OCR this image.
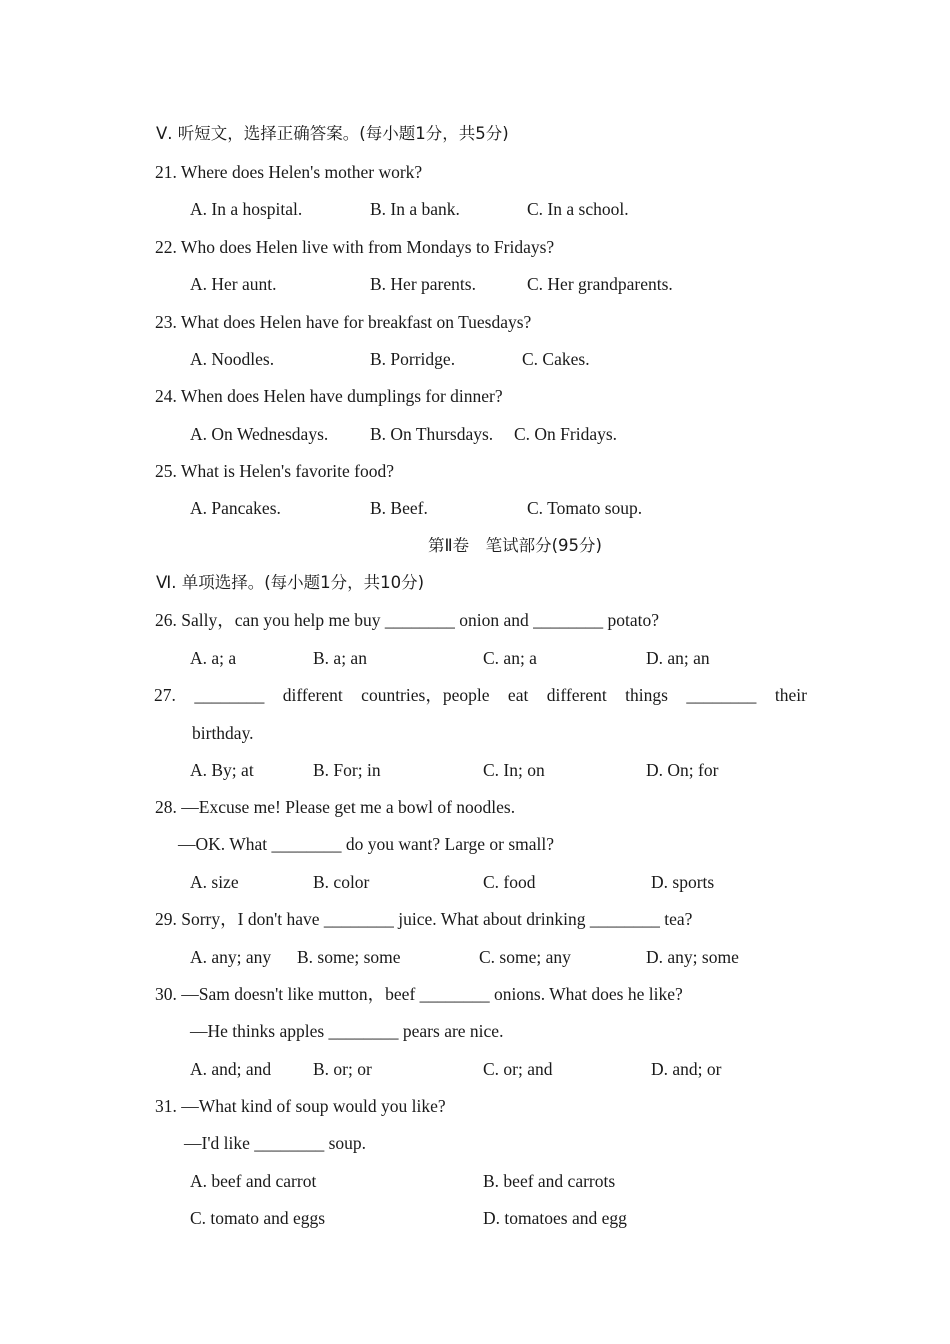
Ⅴ. 听短文，选择正确答案。(每小题1分，共5分)
21. Where does Helen's mother work?
A. In a hospital.	B. In a bank.	C. In a school.
22. Who does Helen live with from Mondays to Fridays?
A. Her aunt.	B. Her parents.	C. Her grandparents.
23. What does Helen have for breakfast on Tuesdays?
A. Noodles.	B. Porridge.	C. Cakes.
24. When does Helen have dumplings for dinner?
A. On Wednesdays. B. On Thursdays. C. On Fridays.
25. What is Helen's favorite food?
A. Pancakes.	B. Beef.	C. Tomato soup.
第Ⅱ卷　笔试部分(95分)
Ⅵ. 单项选择。(每小题1分，共10分)
26. Sally，can you help me buy ________ onion and ________ potato?
A. a; a	B. a; an	C. an; a	D. an; an
27. ________ different countries，people eat different things ________ their
birthday.
A. By; at	B. For; in	C. In; on	D. On; for
28. —Excuse me! Please get me a bowl of noodles.
—OK. What ________ do you want? Large or small?
A. size	B. color	C. food	D. sports
29. Sorry，I don't have ________ juice. What about drinking ________ tea?
A. any; any B. some; some	C. some; any	D. any; some
30. —Sam doesn't like mutton，beef ________ onions. What does he like?
—He thinks apples ________ pears are nice.
A. and; and B. or; or	C. or; and	D. and; or
31. —What kind of soup would you like?
—I'd like ________ soup.
A. beef and carrot	B. beef and carrots
C. tomato and eggs	D. tomatoes and egg
